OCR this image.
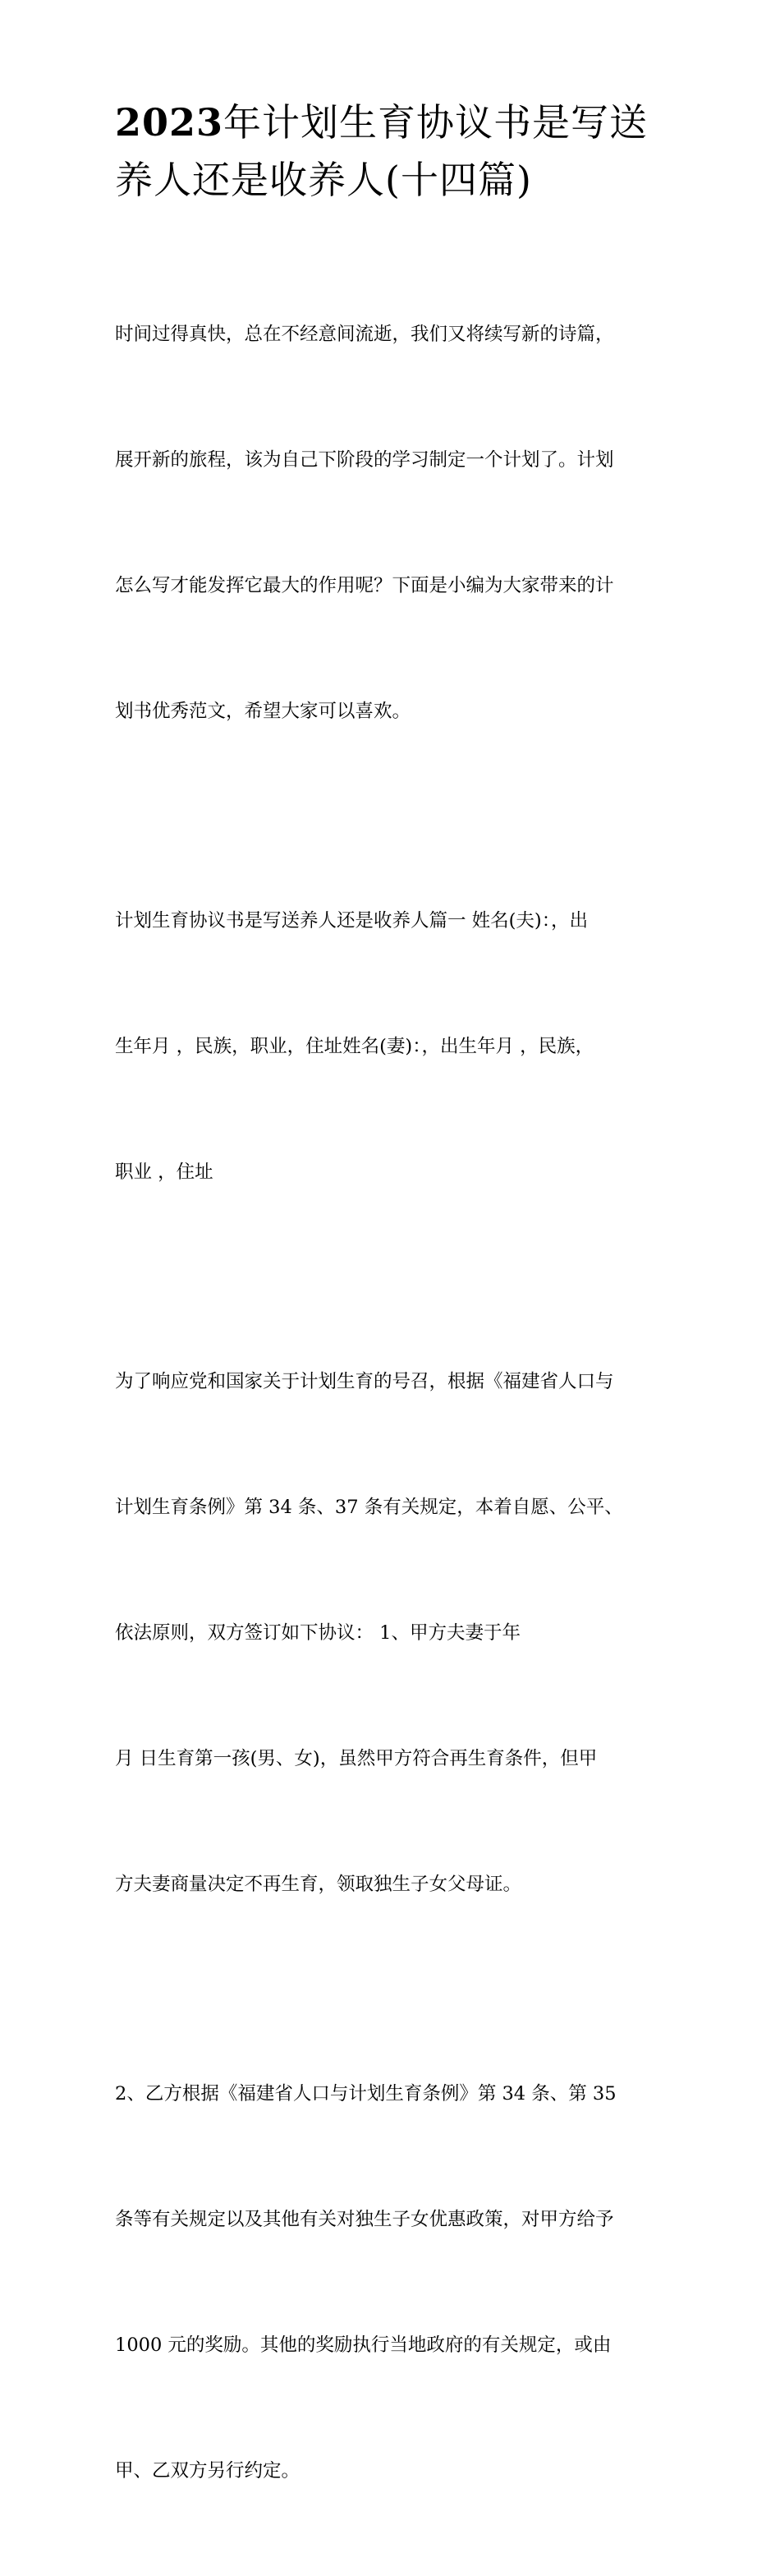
2023年计划生育协议书是写送
养人还是收养人(十四篇)

时间过得真快，总在不经意间流逝，我们又将续写新的诗篇，

展开新的旅程，该为自己下阶段的学习制定一个计划了。计划

怎么写才能发挥它最大的作用呢？下面是小编为大家带来的计

划书优秀范文，希望大家可以喜欢。

计划生育协议书是写送养人还是收养人篇一 姓名(夫)：，出

生年月 ，民族，职业，住址姓名(妻)：，出生年月 ，民族，

职业 ，住址

为了响应党和国家关于计划生育的号召，根据《福建省人口与

计划生育条例》第 34 条、37 条有关规定，本着自愿、公平、

依法原则，双方签订如下协议： 1、甲方夫妻于年

月 日生育第一孩(男、女)，虽然甲方符合再生育条件，但甲

方夫妻商量决定不再生育，领取独生子女父母证。

2、乙方根据《福建省人口与计划生育条例》第 34 条、第 35

条等有关规定以及其他有关对独生子女优惠政策，对甲方给予

1000 元的奖励。其他的奖励执行当地政府的有关规定，或由

甲、乙双方另行约定。
